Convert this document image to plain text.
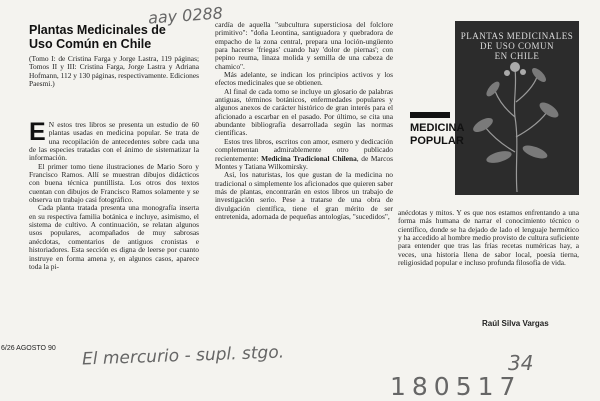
Plantas Medicinales de
Uso Común en Chile
(Tomo I: de Cristina Farga y Jorge Lastra, 119 páginas; Tomos II y III: Cristina Farga, Jorge Lastra y Adriana Hofmann, 112 y 130 páginas, respectivamente. Ediciones Paesmi.)
aay 0288

E N estos tres libros se presenta un estudio de 60 plantas usadas en medicina popular. Se trata de una recopilación de antecedentes sobre cada una de las especies tratadas con el ánimo de sistematizar la información.

El primer tomo tiene ilustraciones de Mario Soro y Francisco Ramos. Allí se muestran dibujos didácticos con buena técnica puntillista. Los otros dos textos cuentan con dibujos de Francisco Ramos solamente y se observa un trabajo casi fotográfico.

Cada planta tratada presenta una monografía inserta en su respectiva familia botánica e incluye, asimismo, el sistema de cultivo. A continuación, se relatan algunos usos populares, acompañados de muy sabrosas anécdotas, comentarios de antiguos cronistas e historiadores. Esta sección es digna de leerse por cuanto instruye en forma amena y, en algunos casos, aparece toda la pi-

cardía de aquella "subcultura supersticiosa del folclore primitivo": "doña Leontina, santiguadora y quebradora de empacho de la zona central, prepara una loción-ungüento para hacerse 'friegas' cuando hay 'dolor de piernas'; con pepino reuma, linaza molida y semilla de una cabeza de chamico".

Más adelante, se indican los principios activos y los efectos medicinales que se obtienen.

Al final de cada tomo se incluye un glosario de palabras antiguas, términos botánicos, enfermedades populares y algunos anexos de carácter histórico de gran interés para el aficionado a escarbar en el pasado. Por último, se cita una abundante bibliografía desarrollada según las normas científicas.

Estos tres libros, escritos con amor, esmero y dedicación complementan admirablemente otro publicado recientemente: Medicina Tradicional Chilena, de Marcos Montes y Tatiana Wilkomirsky.

Así, los naturistas, los que gustan de la medicina no tradicional o simplemente los aficionados que quieren saber más de plantas, encontrarán en estos libros un trabajo de investigación serio. Pese a tratarse de una obra de divulgación científica, tiene el gran mérito de ser entretenida, adornada de pequeñas antologías, "sucedidos",

PLANTAS MEDICINALES
DE USO COMUN
EN CHILE
MEDICINA
POPULAR

anécdotas y mitos. Y es que nos estamos enfrentando a una forma más humana de narrar el conocimiento técnico o científico, donde se ha dejado de lado el lenguaje hermético y ha accedido al hombre medio provisto de cultura suficiente para entender que tras las frías recetas numéricas hay, a veces, una historia llena de sabor local, poesía tierna, religiosidad popular e incluso profunda filosofía de vida.

Raúl Silva Vargas
6/26 AGOSTO 90 El mercurio - supl. stgo.	34
180517
